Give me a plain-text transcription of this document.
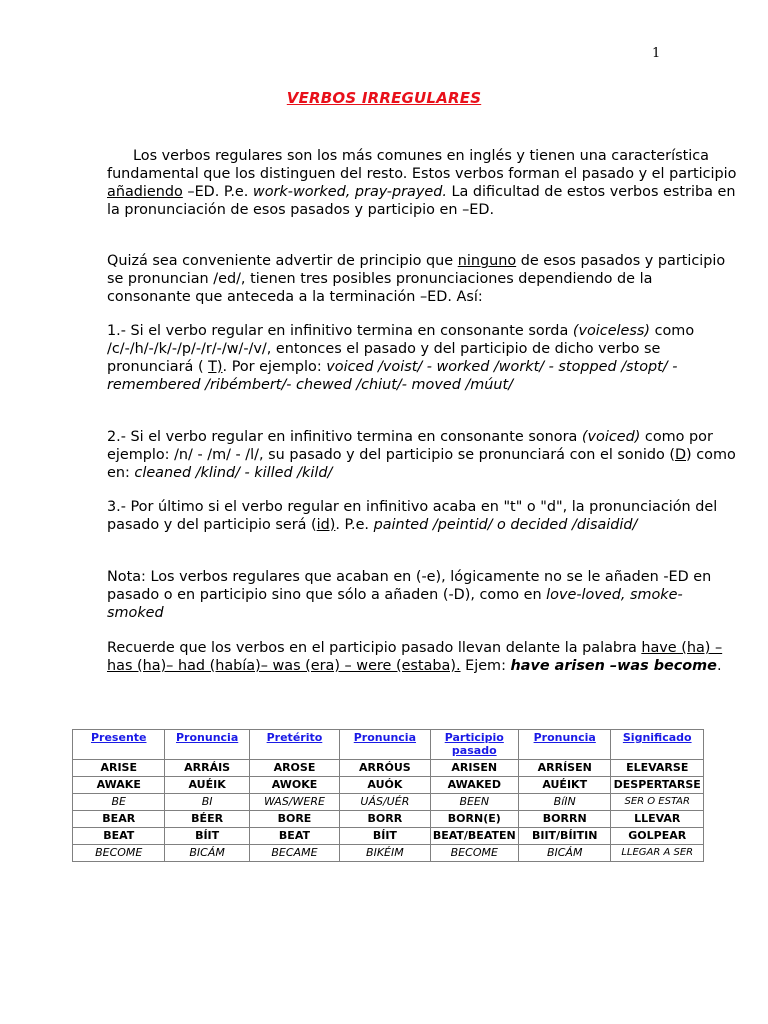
1
VERBOS IRREGULARES
Los verbos regulares son los más comunes en inglés y tienen una característica fundamental que los distinguen del resto. Estos verbos forman el pasado y el participio añadiendo –ED. P.e. work-worked, pray-prayed. La dificultad de estos verbos estriba en la pronunciación de esos pasados y participio en –ED.
Quizá sea conveniente advertir de principio que ninguno de esos pasados y participio se pronuncian /ed/, tienen tres posibles pronunciaciones dependiendo de la consonante que anteceda a la terminación –ED. Así:
1.- Si el verbo regular en infinitivo termina en consonante sorda (voiceless) como /c/-/h/-/k/-/p/-/r/-/w/-/v/, entonces el pasado y del participio de dicho verbo se pronunciará ( T). Por ejemplo: voiced /voist/ - worked /workt/ - stopped /stopt/ - remembered /ribémbert/- chewed /chiut/- moved /múut/
2.- Si el verbo regular en infinitivo termina en consonante sonora (voiced) como por ejemplo: /n/ - /m/ - /l/, su pasado y del participio se pronunciará con el sonido (D) como en: cleaned /klind/ - killed /kild/
3.- Por último si el verbo regular en infinitivo acaba en "t" o "d", la pronunciación del pasado y del participio será (id). P.e. painted /peintid/ o decided /disaidid/
Nota: Los verbos regulares que acaban en (-e), lógicamente no se le añaden -ED en pasado o en participio sino que sólo a añaden (-D), como en love-loved, smoke-smoked
Recuerde que los verbos en el participio pasado llevan delante la palabra have (ha) – has (ha)– had (había)– was (era) – were (estaba). Ejem: have arisen –was become.
Presente	Pronuncia	Pretérito	Pronuncia	Participio pasado	Pronuncia	Significado
ARISE	ARRÁIS	AROSE	ARRÓUS	ARISEN	ARRÍSEN	ELEVARSE
AWAKE	AUÉIK	AWOKE	AUÓK	AWAKED	AUÉIKT	DESPERTARSE
BE	BI	WAS/WERE	UÁS/UÉR	BEEN	BíIN	SER O ESTAR
BEAR	BÉER	BORE	BORR	BORN(E)	BORRN	LLEVAR
BEAT	BÍIT	BEAT	BÍIT	BEAT/BEATEN	BIIT/BÍITIN	GOLPEAR
BECOME	BICÁM	BECAME	BIKÉIM	BECOME	BICÁM	LLEGAR A SER
